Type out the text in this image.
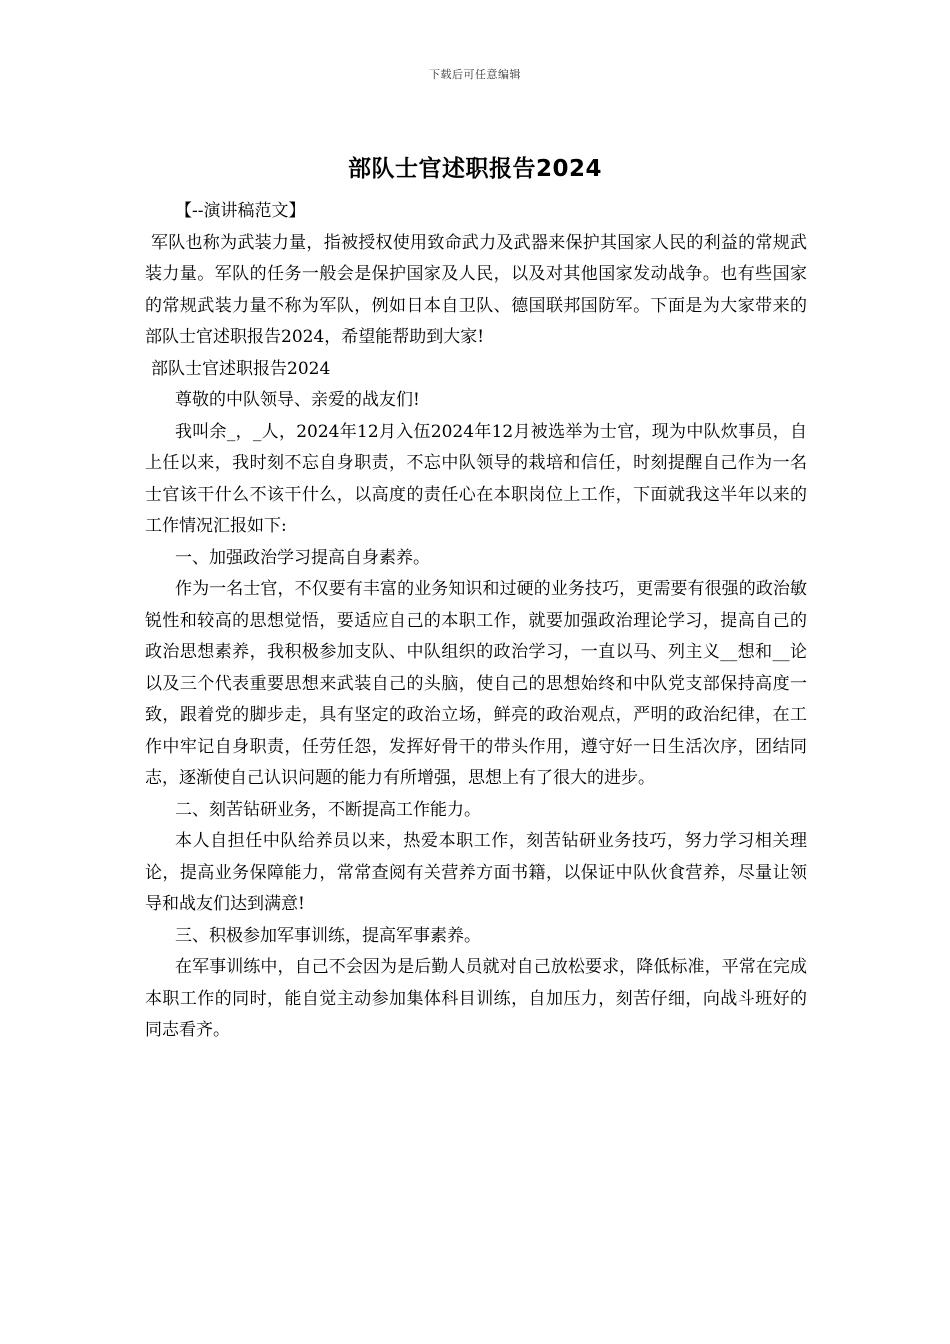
下载后可任意编辑
部队士官述职报告2024

【--演讲稿范文】

军队也称为武装力量，指被授权使用致命武力及武器来保护其国家人民的利益的常规武装力量。军队的任务一般会是保护国家及人民，以及对其他国家发动战争。也有些国家的常规武装力量不称为军队，例如日本自卫队、德国联邦国防军。下面是为大家带来的部队士官述职报告2024，希望能帮助到大家!

部队士官述职报告2024

尊敬的中队领导、亲爱的战友们!

我叫余_，_人，2024年12月入伍2024年12月被选举为士官，现为中队炊事员，自上任以来，我时刻不忘自身职责，不忘中队领导的栽培和信任，时刻提醒自己作为一名士官该干什么不该干什么，以高度的责任心在本职岗位上工作，下面就我这半年以来的工作情况汇报如下:

一、加强政治学习提高自身素养。

作为一名士官，不仅要有丰富的业务知识和过硬的业务技巧，更需要有很强的政治敏锐性和较高的思想觉悟，要适应自己的本职工作，就要加强政治理论学习，提高自己的政治思想素养，我积极参加支队、中队组织的政治学习，一直以马、列主义__想和__论以及三个代表重要思想来武装自己的头脑，使自己的思想始终和中队党支部保持高度一致，跟着党的脚步走，具有坚定的政治立场，鲜亮的政治观点，严明的政治纪律，在工作中牢记自身职责，任劳任怨，发挥好骨干的带头作用，遵守好一日生活次序，团结同志，逐渐使自己认识问题的能力有所增强，思想上有了很大的进步。

二、刻苦钻研业务，不断提高工作能力。

本人自担任中队给养员以来，热爱本职工作，刻苦钻研业务技巧，努力学习相关理论，提高业务保障能力，常常查阅有关营养方面书籍，以保证中队伙食营养，尽量让领导和战友们达到满意!

三、积极参加军事训练，提高军事素养。

在军事训练中，自己不会因为是后勤人员就对自己放松要求，降低标准，平常在完成本职工作的同时，能自觉主动参加集体科目训练，自加压力，刻苦仔细，向战斗班好的同志看齐。
